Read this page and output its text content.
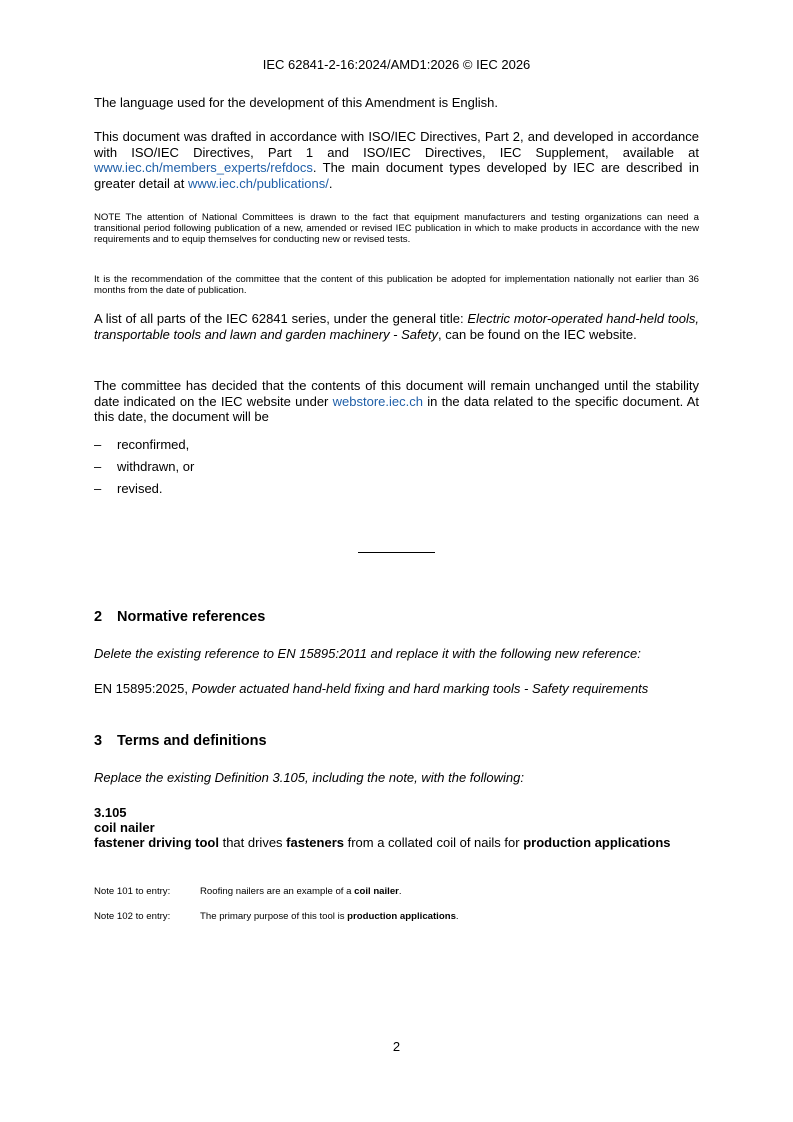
IEC 62841-2-16:2024/AMD1:2026 © IEC 2026

The language used for the development of this Amendment is English.

This document was drafted in accordance with ISO/IEC Directives, Part 2, and developed in accordance with ISO/IEC Directives, Part 1 and ISO/IEC Directives, IEC Supplement, available at www.iec.ch/members_experts/refdocs. The main document types developed by IEC are described in greater detail at www.iec.ch/publications/.

NOTE The attention of National Committees is drawn to the fact that equipment manufacturers and testing organizations can need a transitional period following publication of a new, amended or revised IEC publication in which to make products in accordance with the new requirements and to equip themselves for conducting new or revised tests.

It is the recommendation of the committee that the content of this publication be adopted for implementation nationally not earlier than 36 months from the date of publication.

A list of all parts of the IEC 62841 series, under the general title: Electric motor-operated hand-held tools, transportable tools and lawn and garden machinery - Safety, can be found on the IEC website.

The committee has decided that the contents of this document will remain unchanged until the stability date indicated on the IEC website under webstore.iec.ch in the data related to the specific document. At this date, the document will be

–	reconfirmed,
–	withdrawn, or
–	revised.
2 Normative references

Delete the existing reference to EN 15895:2011 and replace it with the following new reference:

EN 15895:2025, Powder actuated hand-held fixing and hard marking tools - Safety requirements

3 Terms and definitions

Replace the existing Definition 3.105, including the note, with the following:

3.105

coil nailer

fastener driving tool that drives fasteners from a collated coil of nails for production applications

Note 101 to entry:	Roofing nailers are an example of a coil nailer.
Note 102 to entry:	The primary purpose of this tool is production applications.
2
